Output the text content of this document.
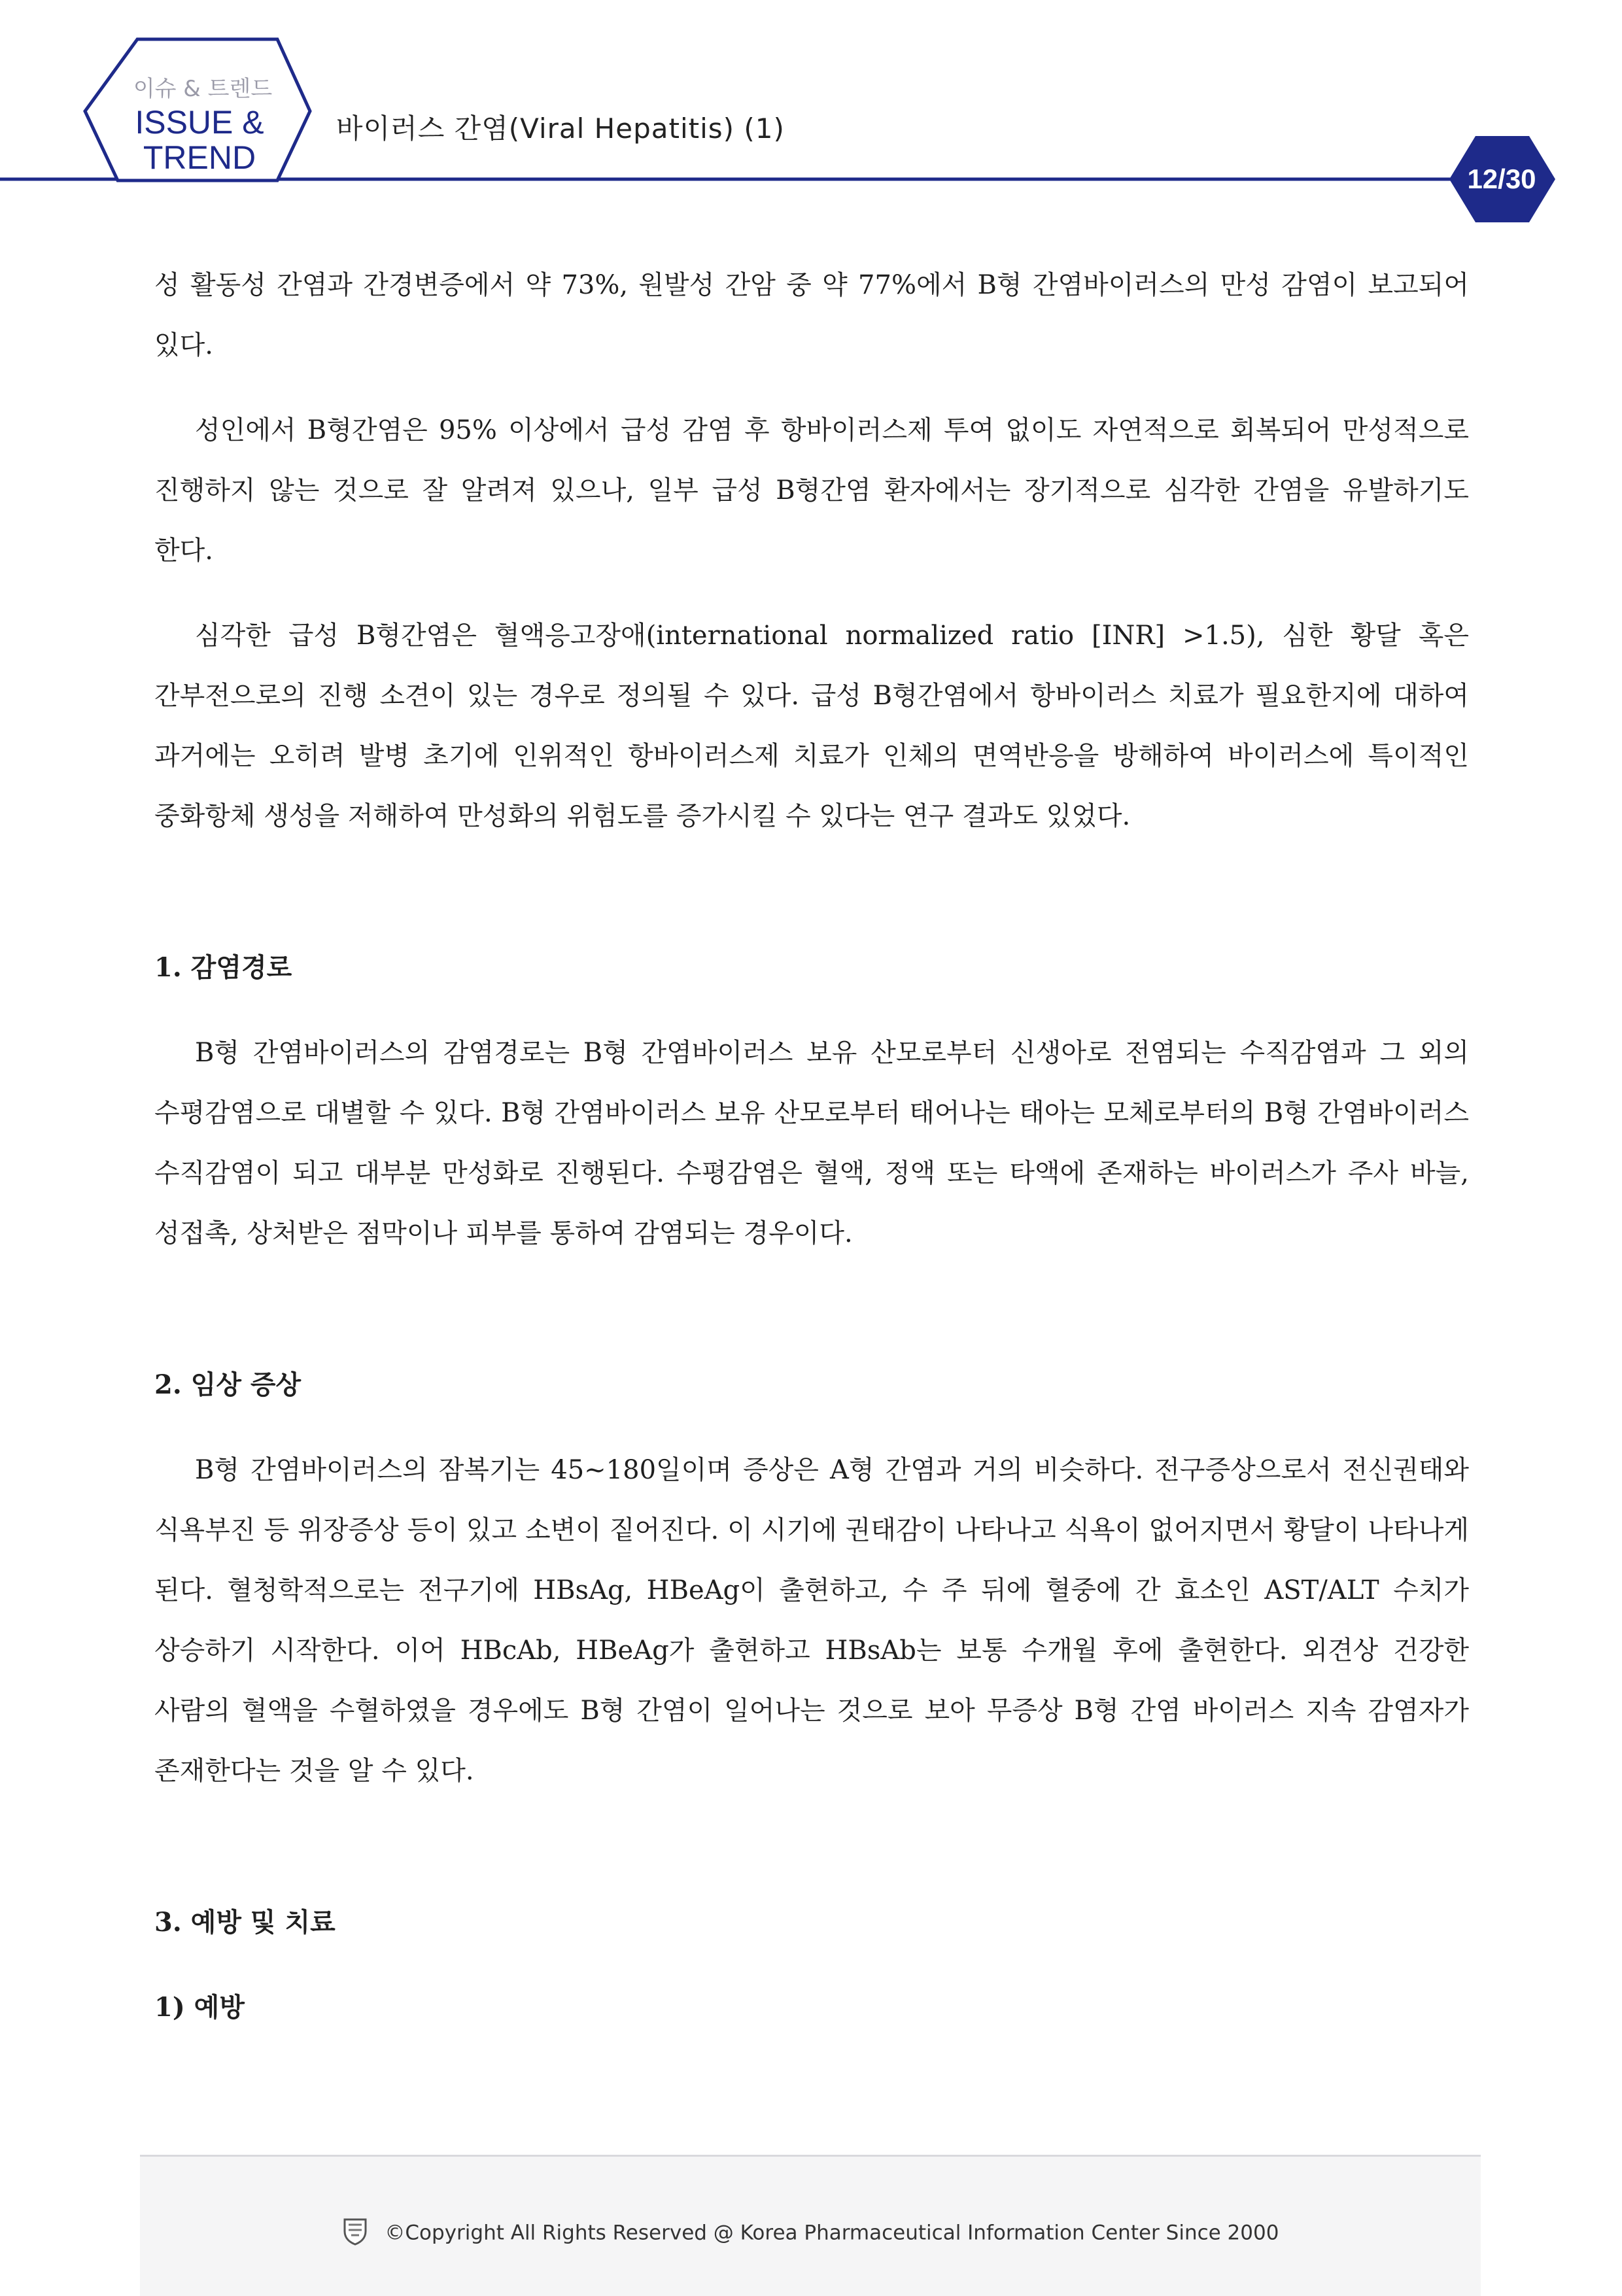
이슈 & 트렌드
ISSUE &
TREND
바이러스 간염(Viral Hepatitis) (1)
12/30

성 활동성 간염과 간경변증에서 약 73%, 원발성 간암 중 약 77%에서 B형 간염바이러스의 만성 감염이 보고되어 있다.

성인에서 B형간염은 95% 이상에서 급성 감염 후 항바이러스제 투여 없이도 자연적으로 회복되어 만성적으로 진행하지 않는 것으로 잘 알려져 있으나, 일부 급성 B형간염 환자에서는 장기적으로 심각한 간염을 유발하기도 한다.

심각한 급성 B형간염은 혈액응고장애(international normalized ratio [INR] >1.5), 심한 황달 혹은 간부전으로의 진행 소견이 있는 경우로 정의될 수 있다. 급성 B형간염에서 항바이러스 치료가 필요한지에 대하여 과거에는 오히려 발병 초기에 인위적인 항바이러스제 치료가 인체의 면역반응을 방해하여 바이러스에 특이적인 중화항체 생성을 저해하여 만성화의 위험도를 증가시킬 수 있다는 연구 결과도 있었다.

1. 감염경로

B형 간염바이러스의 감염경로는 B형 간염바이러스 보유 산모로부터 신생아로 전염되는 수직감염과 그 외의 수평감염으로 대별할 수 있다. B형 간염바이러스 보유 산모로부터 태어나는 태아는 모체로부터의 B형 간염바이러스 수직감염이 되고 대부분 만성화로 진행된다. 수평감염은 혈액, 정액 또는 타액에 존재하는 바이러스가 주사 바늘, 성접촉, 상처받은 점막이나 피부를 통하여 감염되는 경우이다.

2. 임상 증상

B형 간염바이러스의 잠복기는 45~180일이며 증상은 A형 간염과 거의 비슷하다. 전구증상으로서 전신권태와 식욕부진 등 위장증상 등이 있고 소변이 짙어진다. 이 시기에 권태감이 나타나고 식욕이 없어지면서 황달이 나타나게 된다. 혈청학적으로는 전구기에 HBsAg, HBeAg이 출현하고, 수 주 뒤에 혈중에 간 효소인 AST/ALT 수치가 상승하기 시작한다. 이어 HBcAb, HBeAg가 출현하고 HBsAb는 보통 수개월 후에 출현한다. 외견상 건강한 사람의 혈액을 수혈하였을 경우에도 B형 간염이 일어나는 것으로 보아 무증상 B형 간염 바이러스 지속 감염자가 존재한다는 것을 알 수 있다.

3. 예방 및 치료

1) 예방

©Copyright All Rights Reserved @ Korea Pharmaceutical Information Center Since 2000
